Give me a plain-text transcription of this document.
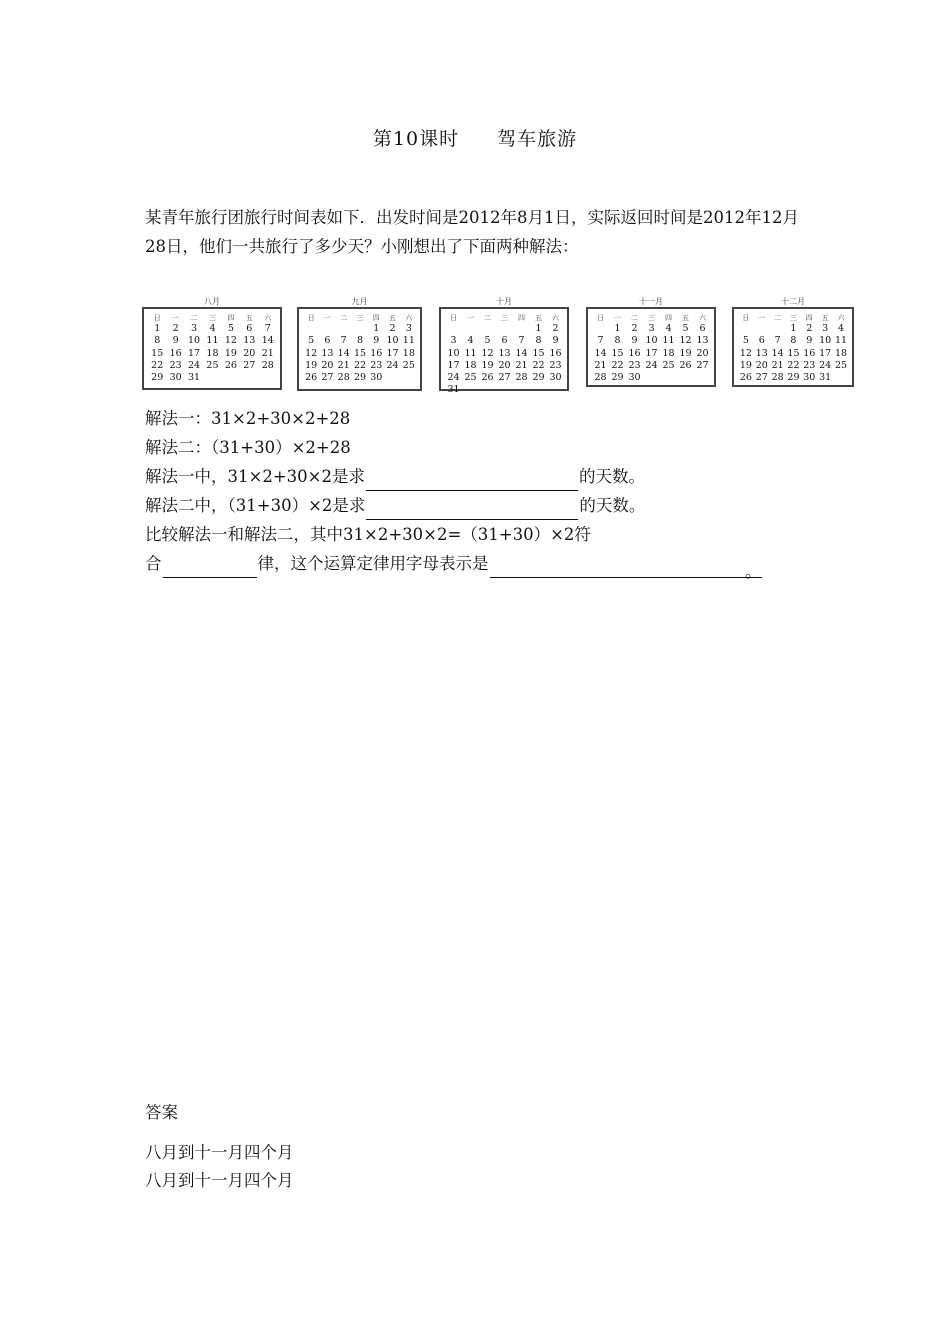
第10课时 驾车旅游
某青年旅行团旅行时间表如下．出发时间是2012年8月1日，实际返回时间是2012年12月28日，他们一共旅行了多少天？小刚想出了下面两种解法：
八月
日	一	二	三	四	五	六
1	2	3	4	5	6	7
8	9	10	11	12	13	14
15	16	17	18	19	20	21
22	23	24	25	26	27	28
29	30	31				
九月
日	一	二	三	四	五	六
				1	2	3
5	6	7	8	9	10	11
12	13	14	15	16	17	18
19	20	21	22	23	24	25
26	27	28	29	30		
十月
日	一	二	三	四	五	六
					1	2
3	4	5	6	7	8	9
10	11	12	13	14	15	16
17	18	19	20	21	22	23
24	25	26	27	28	29	30
31						
十一月
日	一	二	三	四	五	六
	1	2	3	4	5	6
7	8	9	10	11	12	13
14	15	16	17	18	19	20
21	22	23	24	25	26	27
28	29	30				
十二月
日	一	二	三	四	五	六
			1	2	3	4
5	6	7	8	9	10	11
12	13	14	15	16	17	18
19	20	21	22	23	24	25
26	27	28	29	30	31	
解法一：31×2+30×2+28
解法二：（31+30）×2+28
解法一中，31×2+30×2是求	的天数。
解法二中，（31+30）×2是求	的天数。
比较解法一和解法二，其中31×2+30×2=（31+30）×2符
合	律，这个运算定律用字母表示是	。
答案
八月到十一月四个月
八月到十一月四个月
